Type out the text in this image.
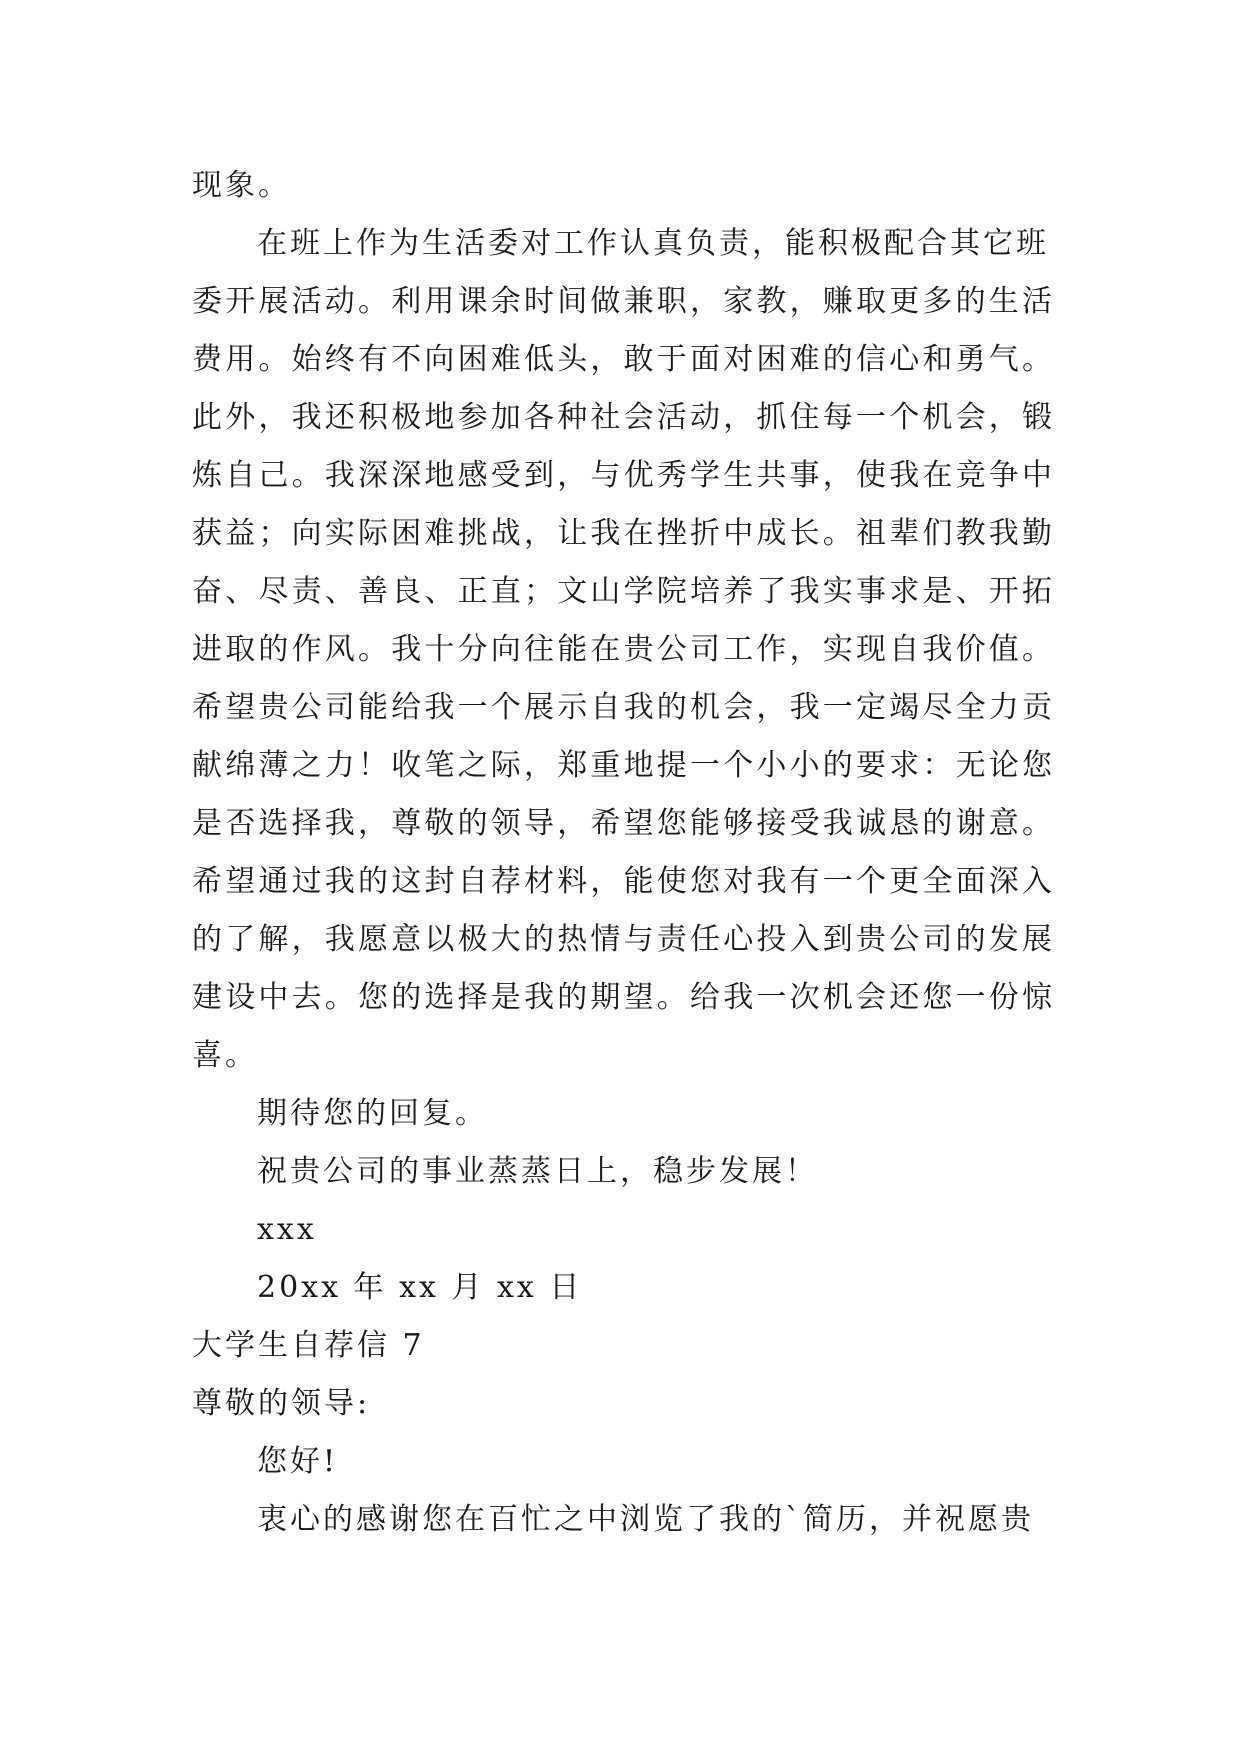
现象。
在班上作为生活委对工作认真负责，能积极配合其它班
委开展活动。利用课余时间做兼职，家教，赚取更多的生活
费用。始终有不向困难低头，敢于面对困难的信心和勇气。
此外，我还积极地参加各种社会活动，抓住每一个机会，锻
炼自己。我深深地感受到，与优秀学生共事，使我在竞争中
获益；向实际困难挑战，让我在挫折中成长。祖辈们教我勤
奋、尽责、善良、正直；文山学院培养了我实事求是、开拓
进取的作风。我十分向往能在贵公司工作，实现自我价值。
希望贵公司能给我一个展示自我的机会，我一定竭尽全力贡
献绵薄之力！收笔之际，郑重地提一个小小的要求：无论您
是否选择我，尊敬的领导，希望您能够接受我诚恳的谢意。
希望通过我的这封自荐材料，能使您对我有一个更全面深入
的了解，我愿意以极大的热情与责任心投入到贵公司的发展
建设中去。您的选择是我的期望。给我一次机会还您一份惊
喜。
期待您的回复。
祝贵公司的事业蒸蒸日上，稳步发展！
xxx
20xx 年 xx 月 xx 日
大学生自荐信 7
尊敬的领导:
您好!
衷心的感谢您在百忙之中浏览了我的`简历，并祝愿贵
